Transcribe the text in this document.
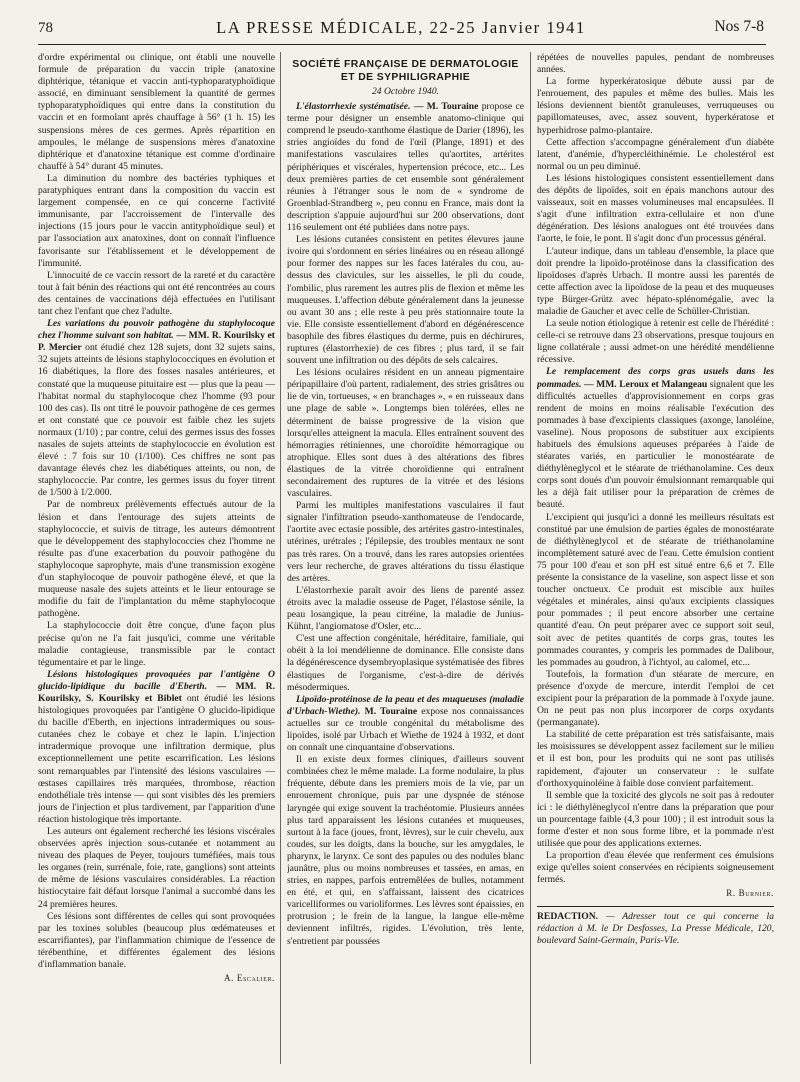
78	LA PRESSE MÉDICALE, 22-25 Janvier 1941	Nos 7-8

d'ordre expérimental ou clinique, ont établi une nouvelle formule de préparation du vaccin triple (anatoxine diphtérique, tétanique et vaccin anti-typhoparatyphoïdique associé, en diminuant sensiblement la quantité de germes typhoparatyphoïdiques qui entre dans la constitution du vaccin et en formolant après chauffage à 56° (1 h. 15) les suspensions mères de ces germes. Après répartition en ampoules, le mélange de suspensions mères d'anatoxine diphtérique et d'anatoxine tétanique est comme d'ordinaire chauffé à 54° durant 45 minutes.

La diminution du nombre des bactéries typhiques et paratyphiques entrant dans la composition du vaccin est largement compensée, en ce qui concerne l'activité immunisante, par l'accroissement de l'intervalle des injections (15 jours pour le vaccin antityphoïdique seul) et par l'association aux anatoxines, dont on connaît l'influence favorisante sur l'établissement et le développement de l'immunité.

L'innocuité de ce vaccin ressort de la rareté et du caractère tout à fait bénin des réactions qui ont été rencontrées au cours des centaines de vaccinations déjà effectuées en l'utilisant tant chez l'enfant que chez l'adulte.

Les variations du pouvoir pathogène du staphylocoque chez l'homme suivant son habitat. — MM. R. Kourilsky et P. Mercier ont étudié chez 128 sujets, dont 32 sujets sains, 32 sujets atteints de lésions staphylococciques en évolution et 16 diabétiques, la flore des fosses nasales antérieures, et constaté que la muqueuse pituitaire est — plus que la peau — l'habitat normal du staphylocoque chez l'homme (93 pour 100 des cas). Ils ont titré le pouvoir pathogène de ces germes et ont constaté que ce pouvoir est faible chez les sujets normaux (1/10) ; par contre, celui des germes issus des fosses nasales de sujets atteints de staphylococcie en évolution est élevé : 7 fois sur 10 (1/100). Ces chiffres ne sont pas davantage élevés chez les diabétiques atteints, ou non, de staphylococcie. Par contre, les germes issus du foyer titrent de 1/500 à 1/2.000.

Par de nombreux prélèvements effectués autour de la lésion et dans l'entourage des sujets atteints de staphylococcie, et suivis de titrage, les auteurs démontrent que le développement des staphylococcies chez l'homme ne résulte pas d'une exacerbation du pouvoir pathogène du staphylocoque saprophyte, mais d'une transmission exogène d'un staphylocoque de pouvoir pathogène élevé, et que la muqueuse nasale des sujets atteints et le lieur entourage se modifie du fait de l'implantation du même staphylocoque pathogène.

La staphylococcie doit être conçue, d'une façon plus précise qu'on ne l'a fait jusqu'ici, comme une véritable maladie contagieuse, transmissible par le contact tégumentaire et par le linge.

Lésions histologiques provoquées par l'antigène O glucido-lipidique du bacille d'Eberth. — MM. R. Kourilsky, S. Kourilsky et Biblet ont étudié les lésions histologiques provoquées par l'antigène O glucido-lipidique du bacille d'Eberth, en injections intradermiques ou sous-cutanées chez le cobaye et chez le lapin. L'injection intradermique provoque une infiltration dermique, plus exceptionnellement une petite escarrification. Les lésions sont remarquables par l'intensité des lésions vasculaires — œstases capillaires très marquées, thrombose, réaction endothéliale très intense — qui sont visibles dès les premiers jours de l'injection et plus tardivement, par l'apparition d'une réaction histologique très importante.

Les auteurs ont également recherché les lésions viscérales observées après injection sous-cutanée et notamment au niveau des plaques de Peyer, toujours tuméfiées, mais tous les organes (rein, surrénale, foie, rate, ganglions) sont atteints de même de lésions vasculaires considérables. La réaction histiocytaire fait défaut lorsque l'animal a succombé dans les 24 premières heures.

Ces lésions sont différentes de celles qui sont provoquées par les toxines solubles (beaucoup plus œdémateuses et escarrifiantes), par l'inflammation chimique de l'essence de térébenthine, et différentes également des lésions d'inflammation banale.

A. Escalier.

SOCIÉTÉ FRANÇAISE DE DERMATOLOGIE
ET DE SYPHILIGRAPHIE
24 Octobre 1940.

L'élastorrhexie systématisée. — M. Touraine propose ce terme pour désigner un ensemble anatomo-clinique qui comprend le pseudo-xanthome élastique de Darier (1896), les stries angioïdes du fond de l'œil (Plange, 1891) et des manifestations vasculaires telles qu'aortites, artérites périphériques et viscérales, hypertension précoce, etc... Les deux premières parties de cet ensemble sont généralement réunies à l'étranger sous le nom de « syndrome de Groenblad-Strandberg », peu connu en France, mais dont la description s'appuie aujourd'hui sur 200 observations, dont 116 seulement ont été publiées dans notre pays.

Les lésions cutanées consistent en petites élevures jaune ivoire qui s'ordonnent en séries linéaires ou en réseau allongé pour former des nappes sur les faces latérales du cou, au-dessus des clavicules, sur les aisselles, le pli du coude, l'ombilic, plus rarement les autres plis de flexion et même les muqueuses. L'affection débute généralement dans la jeunesse ou avant 30 ans ; elle reste à peu près stationnaire toute la vie. Elle consiste essentiellement d'abord en dégénérescence basophile des fibres élastiques du derme, puis en déchirures, ruptures (élastorrhexie) de ces fibres ; plus tard, il se fait souvent une infiltration ou des dépôts de sels calcaires.

Les lésions oculaires résident en un anneau pigmentaire péripapillaire d'où partent, radialement, des stries grisâtres ou lie de vin, tortueuses, « en branchages », « en ruisseaux dans une plage de sable ». Longtemps bien tolérées, elles ne déterminent de baisse progressive de la vision que lorsqu'elles atteignent la macula. Elles entraînent souvent des hémorragies rétiniennes, une choroïdite hémorragique ou atrophique. Elles sont dues à des altérations des fibres élastiques de la vitrée choroïdienne qui entraînent secondairement des ruptures de la vitrée et des lésions vasculaires.

Parmi les multiples manifestations vasculaires il faut signaler l'infiltration pseudo-xanthomateuse de l'endocarde, l'aortite avec ectasie possible, des artérites gastro-intestinales, utérines, urétrales ; l'épilepsie, des troubles mentaux ne sont pas très rares. On a trouvé, dans les rares autopsies orientées vers leur recherche, de graves altérations du tissu élastique des artères.

L'élastorrhexie paraît avoir des liens de parenté assez étroits avec la maladie osseuse de Paget, l'élastose sénile, la peau losangique, la peau citréine, la maladie de Junius-Kühnt, l'angiomatose d'Osler, etc...

C'est une affection congénitale, héréditaire, familiale, qui obéit à la loi mendélienne de dominance. Elle consiste dans la dégénérescence dysembryoplasique systématisée des fibres élastiques de l'organisme, c'est-à-dire de dérivés mésodermiques.

Lipoïdo-protéinose de la peau et des muqueuses (maladie d'Urbach-Wiethe). M. Touraine expose nos connaissances actuelles sur ce trouble congénital du métabolisme des lipoïdes, isolé par Urbach et Wiethe de 1924 à 1932, et dont on connaît une cinquantaine d'observations.

Il en existe deux formes cliniques, d'ailleurs souvent combinées chez le même malade. La forme nodulaire, la plus fréquente, débute dans les premiers mois de la vie, par un enrouement chronique, puis par une dyspnée de sténose laryngée qui exige souvent la trachéotomie. Plusieurs années plus tard apparaissent les lésions cutanées et muqueuses, surtout à la face (joues, front, lèvres), sur le cuir chevelu, aux coudes, sur les doigts, dans la bouche, sur les amygdales, le pharynx, le larynx. Ce sont des papules ou des nodules blanc jaunâtre, plus ou moins nombreuses et tassées, en amas, en stries, en nappes, parfois entremêlées de bulles, notamment en été, et qui, en s'affaissant, laissent des cicatrices varicelliformes ou varioliformes. Les lèvres sont épaissies, en protrusion ; le frein de la langue, la langue elle-même deviennent infiltrés, rigides. L'évolution, très lente, s'entretient par poussées

répétées de nouvelles papules, pendant de nombreuses années.

La forme hyperkératosique débute aussi par de l'enrouement, des papules et même des bulles. Mais les lésions deviennent bientôt granuleuses, verruqueuses ou papillomateuses, avec, assez souvent, hyperkératose et hyperhidrose palmo-plantaire.

Cette affection s'accompagne généralement d'un diabète latent, d'anémie, d'hypercléithinémie. Le cholestérol est normal ou un peu diminué.

Les lésions histologiques consistent essentiellement dans des dépôts de lipoïdes, soit en épais manchons autour des vaisseaux, soit en masses volumineuses mal encapsulées. Il s'agit d'une infiltration extra-cellulaire et non d'une dégénération. Des lésions analogues ont été trouvées dans l'aorte, le foie, le pont. Il s'agit donc d'un processus général.

L'auteur indique, dans un tableau d'ensemble, la place que doit prendre la lipoïdo-protéinose dans la classification des lipoïdoses d'après Urbach. Il montre aussi les parentés de cette affection avec la lipoïdose de la peau et des muqueuses type Bürger-Grütz avec hépato-splénomégalie, avec la maladie de Gaucher et avec celle de Schüller-Christian.

La seule notion étiologique à retenir est celle de l'hérédité : celle-ci se retrouve dans 23 observations, presque toujours en ligne collatérale ; aussi admet-on une hérédité mendélienne récessive.

Le remplacement des corps gras usuels dans les pommades. — MM. Leroux et Malangeau signalent que les difficultés actuelles d'approvisionnement en corps gras rendent de moins en moins réalisable l'exécution des pommades à base d'excipients classiques (axonge, lanoléine, vaseline). Nous proposons de substituer aux excipients habituels des émulsions aqueuses préparées à l'aide de stéarates variés, en particulier le monostéarate de diéthylèneglycol et le stéarate de triéthanolamine. Ces deux corps sont doués d'un pouvoir émulsionnant remarquable qui les a déjà fait utiliser pour la préparation de crèmes de beauté.

L'excipient qui jusqu'ici a donné les meilleurs résultats est constitué par une émulsion de parties égales de monostéarate de diéthylèneglycol et de stéarate de triéthanolamine incomplètement saturé avec de l'eau. Cette émulsion contient 75 pour 100 d'eau et son pH est situé entre 6,6 et 7. Elle présente la consistance de la vaseline, son aspect lisse et son toucher onctueux. Ce produit est miscible aux huiles végétales et minérales, ainsi qu'aux excipients classiques pour pommades ; il peut encore absorber une certaine quantité d'eau. On peut préparer avec ce support soit seul, soit avec de petites quantités de corps gras, toutes les pommades courantes, y compris les pommades de Dalibour, les pommades au goudron, à l'ichtyol, au calomel, etc...

Toutefois, la formation d'un stéarate de mercure, en présence d'oxyde de mercure, interdit l'emploi de cet excipient pour la préparation de la pommade à l'oxyde jaune. On ne peut pas non plus incorporer de corps oxydants (permanganate).

La stabilité de cette préparation est très satisfaisante, mais les moisissures se développent assez facilement sur le milieu et il est bon, pour les produits qui ne sont pas utilisés rapidement, d'ajouter un conservateur : le sulfate d'orthoxyquinoléine à faible dose convient parfaitement.

Il semble que la toxicité des glycols ne soit pas à redouter ici : le diéthylèneglycol n'entre dans la préparation que pour un pourcentage faible (4,3 pour 100) ; il est introduit sous la forme d'ester et non sous forme libre, et la pommade n'est utilisée que pour des applications externes.

La proportion d'eau élevée que renferment ces émulsions exige qu'elles soient conservées en récipients soigneusement fermés.

R. Burnier.

REDACTION. — Adresser tout ce qui concerne la rédaction à M. le Dr Desfosses, La Presse Médicale, 120, boulevard Saint-Germain, Paris-VIe.
